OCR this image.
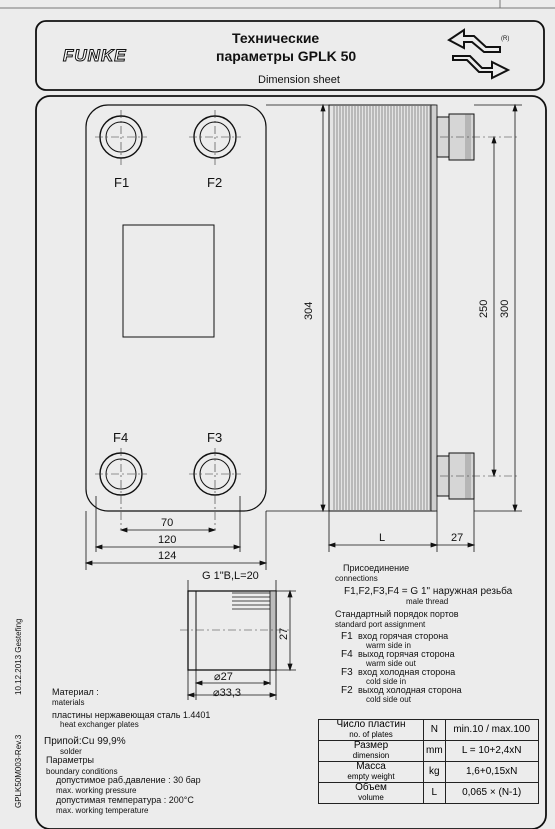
FUNKE
Технические
параметры GPLK 50
Dimension sheet
(R)
F1	F2
F4	F3
70
120
124
304	250 300
L	27
G 1"B,L=20
27
⌀27
⌀33,3
Присоединение
connections
F1,F2,F3,F4 = G 1" наружная резьба
male thread
Стандартный порядок портов
standard port assignment
F1 вход горячая сторона
warm side in
F4 выход горячая сторона
warm side out
F3 вход холодная сторона
cold side in
F2 выход холодная сторона
cold side out
Материал :
materials
пластины нержавеющая сталь 1.4401
heat exchanger plates
Припой:Cu 99,9%
solder
Параметры
boundary conditions
допустимое раб.давление : 30 бар
max. working pressure
допустимая температура : 200°C
max. working temperature
10.12.2013 Gestefing
GPLK50M003-Rev.3
Число пластин
no. of plates	N	min.10 / max.100
Размер
dimension	mm	L = 10+2,4xN
Масса
empty weight	kg	1,6+0,15xN
Объем
volume	L	0,065 × (N-1)
